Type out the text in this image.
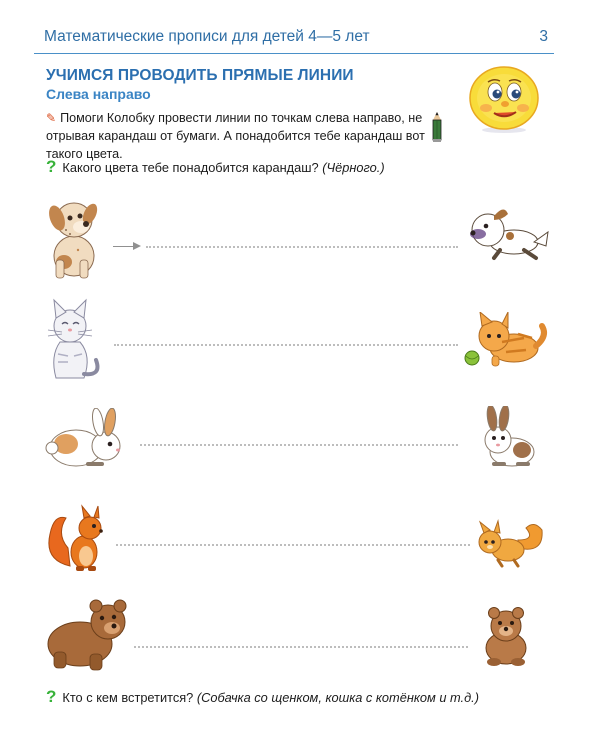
Математические прописи для детей 4—5 лет	3
УЧИМСЯ ПРОВОДИТЬ ПРЯМЫЕ ЛИНИИ
Слева направо
✎ Помоги Колобку провести линии по точкам слева направо, не
отрывая карандаш от бумаги. А понадобится тебе карандаш вот
такого цвета.
? Какого цвета тебе понадобится карандаш? (Чёрного.)
? Кто с кем встретится? (Собачка со щенком, кошка с котёнком и т.д.)
